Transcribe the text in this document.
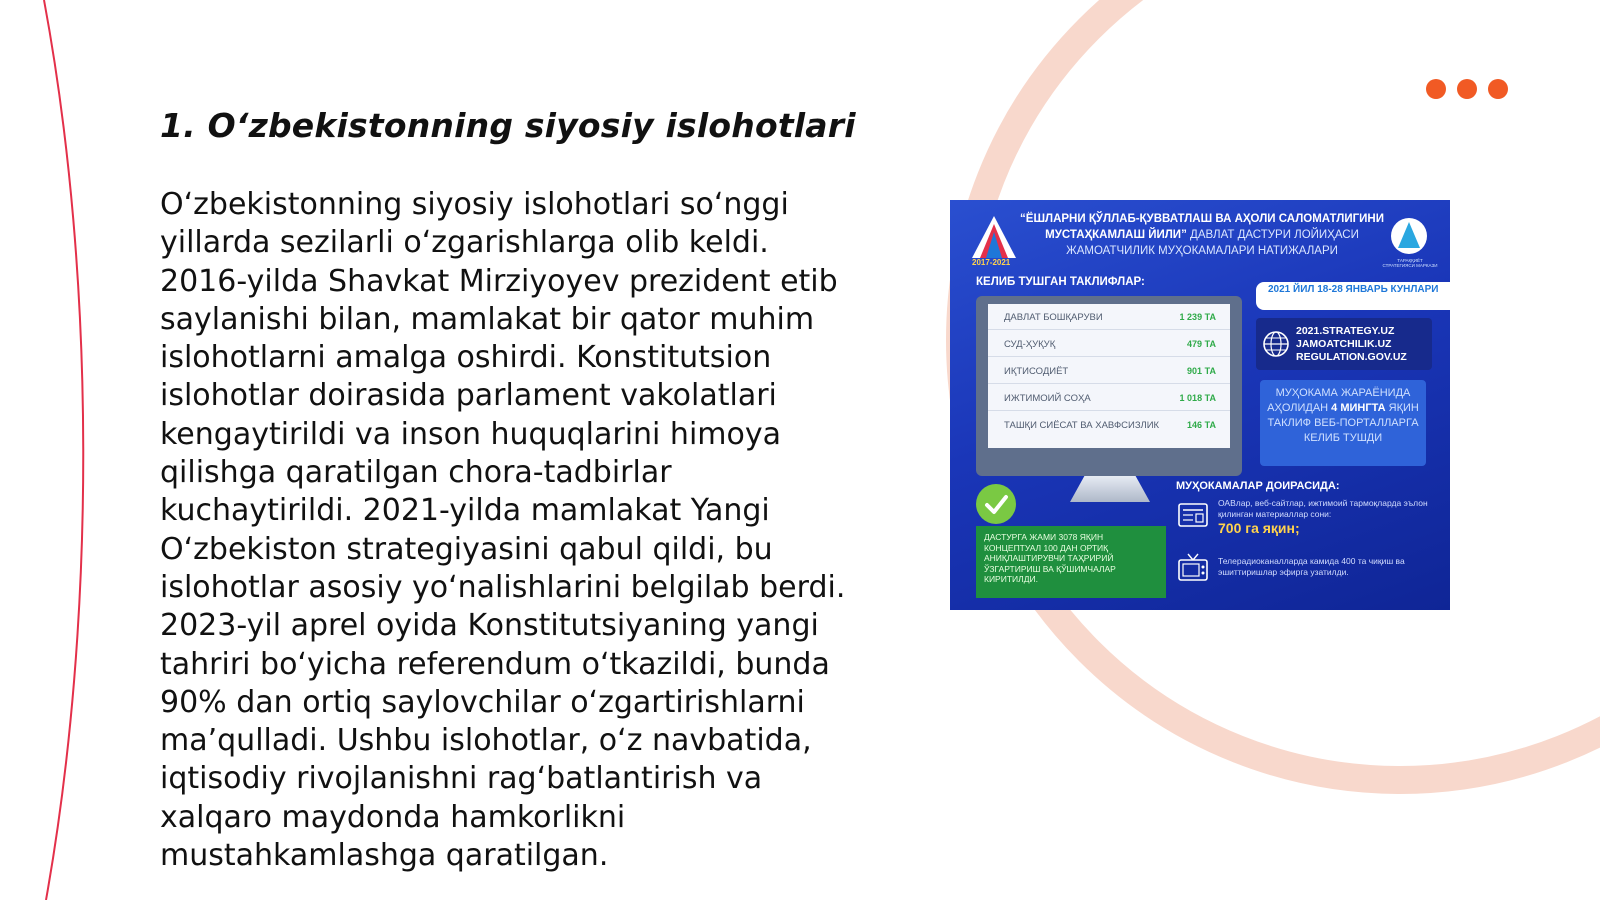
1. O‘zbekistonning siyosiy islohotlari

O‘zbekistonning siyosiy islohotlari so‘nggi yillarda sezilarli o‘zgarishlarga olib keldi. 2016-yilda Shavkat Mirziyoyev prezident etib saylanishi bilan, mamlakat bir qator muhim islohotlarni amalga oshirdi. Konstitutsion islohotlar doirasida parlament vakolatlari kengaytirildi va inson huquqlarini himoya qilishga qaratilgan chora-tadbirlar kuchaytirildi. 2021-yilda mamlakat Yangi O‘zbekiston strategiyasini qabul qildi, bu islohotlar asosiy yo‘nalishlarini belgilab berdi. 2023-yil aprel oyida Konstitutsiyaning yangi tahriri bo‘yicha referendum o‘tkazildi, bunda 90% dan ortiq saylovchilar o‘zgartirishlarni ma’qulladi. Ushbu islohotlar, o‘z navbatida, iqtisodiy rivojlanishni rag‘batlantirish va xalqaro maydonda hamkorlikni mustahkamlashga qaratilgan.

2017-2021
“ЁШЛАРНИ ҚЎЛЛАБ-ҚУВВАТЛАШ ВА АҲОЛИ САЛОМАТЛИГИНИ МУСТАҲКАМЛАШ ЙИЛИ” ДАВЛАТ ДАСТУРИ ЛОЙИҲАСИ ЖАМОАТЧИЛИК МУҲОКАМАЛАРИ НАТИЖАЛАРИ
ТАРАҚҚИЁТ СТРАТЕГИЯСИ МАРКАЗИ
КЕЛИБ ТУШГАН ТАКЛИФЛАР:
2021 ЙИЛ 18-28 ЯНВАРЬ КУНЛАРИ
ДАВЛАТ БОШҚАРУВИ	1 239 ТА
СУД-ҲУҚУҚ	479 ТА
ИҚТИСОДИЁТ	901 ТА
ИЖТИМОИЙ СОҲА	1 018 ТА
ТАШҚИ СИЁСАТ ВА ХАВФСИЗЛИК	146 ТА
2021.STRATEGY.UZ
JAMOATCHILIK.UZ
REGULATION.GOV.UZ
МУҲОКАМА ЖАРАЁНИДА АҲОЛИДАН 4 МИНГТА ЯҚИН ТАКЛИФ ВЕБ-ПОРТАЛЛАРГА КЕЛИБ ТУШДИ
ДАСТУРГА ЖАМИ 3078 ЯҚИН КОНЦЕПТУАЛ 100 ДАН ОРТИҚ АНИҚЛАШТИРУВЧИ ТАҲРИРИЙ ЎЗГАРТИРИШ ВА ҚЎШИМЧАЛАР КИРИТИЛДИ.
МУҲОКАМАЛАР ДОИРАСИДА:
ОАВлар, веб-сайтлар, ижтимоий тармоқларда эълон қилинган материаллар сони:
700 га яқин;
Телерадиоканалларда камида 400 та чиқиш ва эшиттиришлар эфирга узатилди.
